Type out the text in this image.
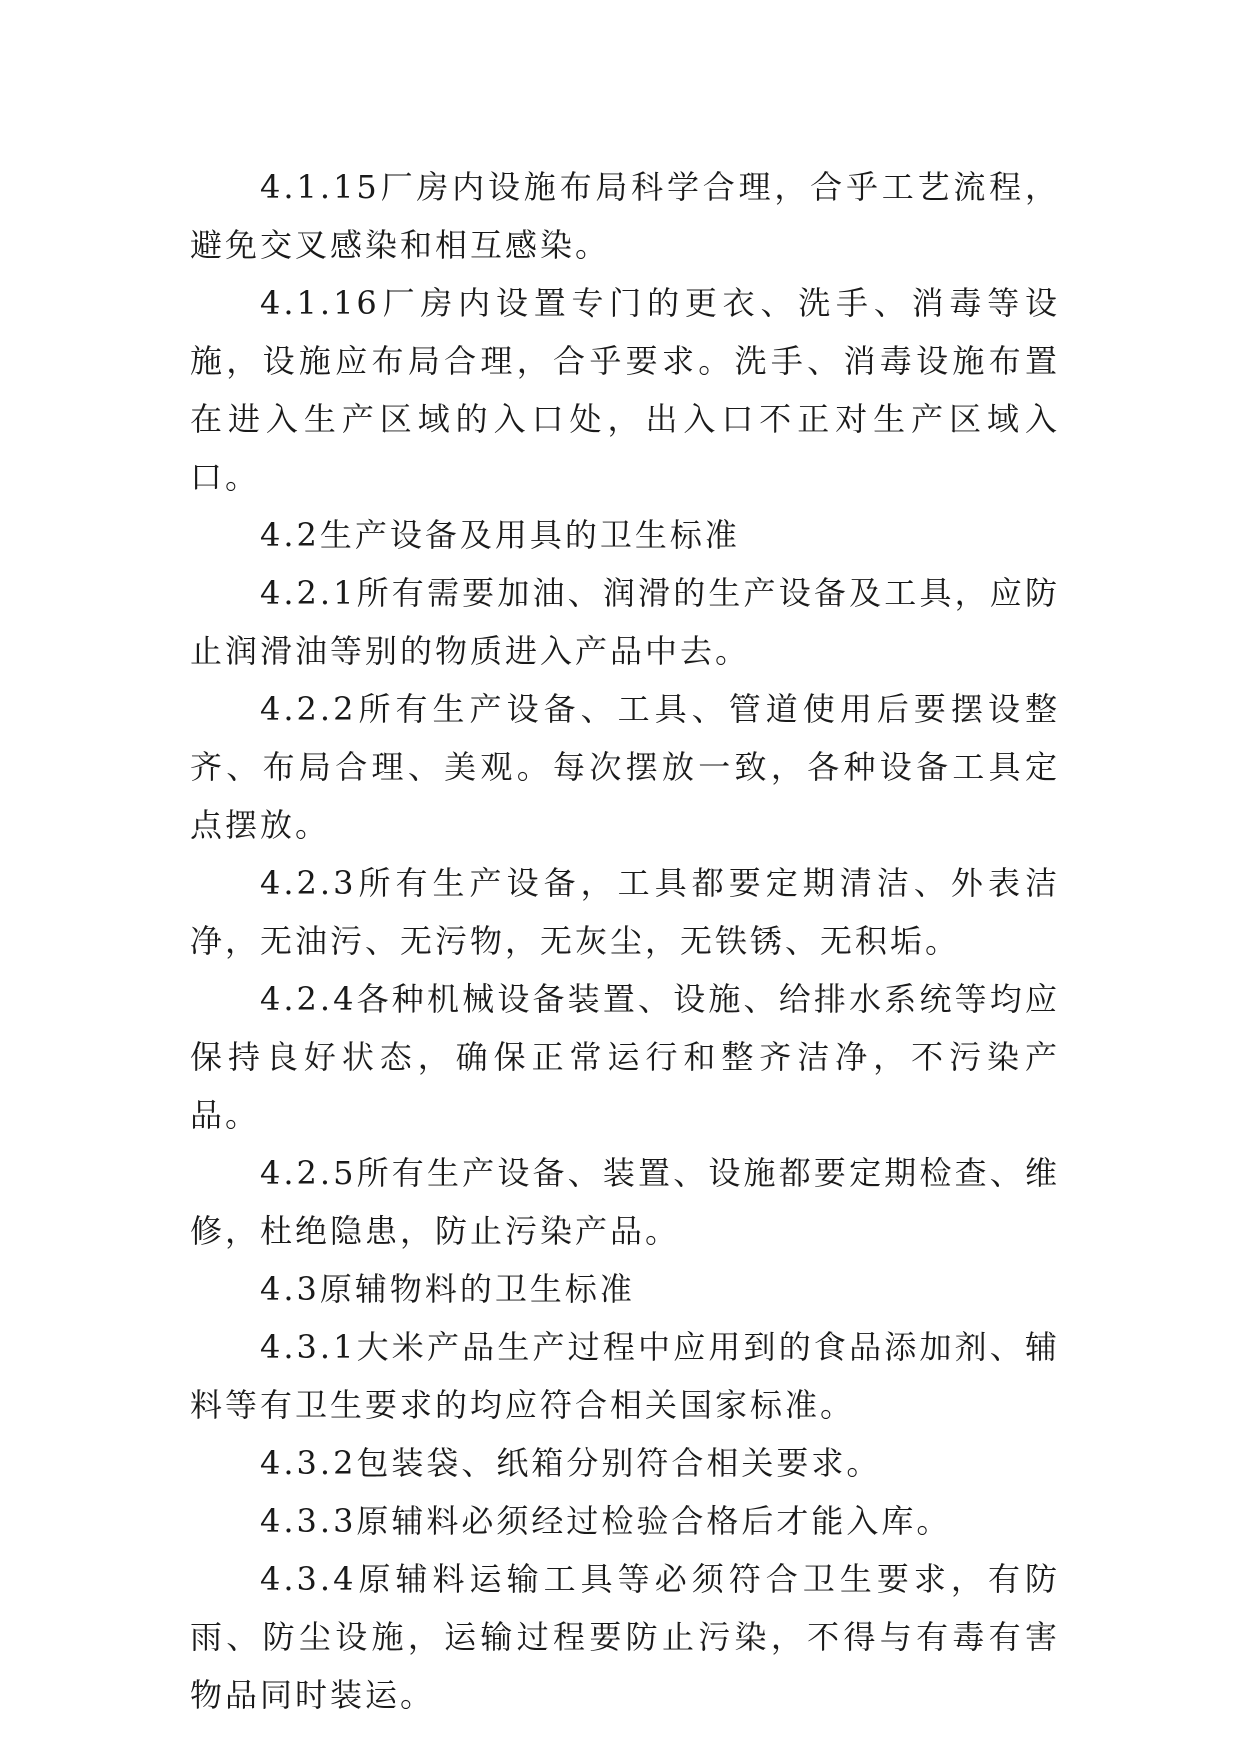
4.1.15厂房内设施布局科学合理，合乎工艺流程，避免交叉感染和相互感染。

4.1.16厂房内设置专门的更衣、洗手、消毒等设施，设施应布局合理，合乎要求。洗手、消毒设施布置在进入生产区域的入口处，出入口不正对生产区域入口。

4.2生产设备及用具的卫生标准

4.2.1所有需要加油、润滑的生产设备及工具，应防止润滑油等别的物质进入产品中去。

4.2.2所有生产设备、工具、管道使用后要摆设整齐、布局合理、美观。每次摆放一致，各种设备工具定点摆放。

4.2.3所有生产设备，工具都要定期清洁、外表洁净，无油污、无污物，无灰尘，无铁锈、无积垢。

4.2.4各种机械设备装置、设施、给排水系统等均应保持良好状态，确保正常运行和整齐洁净，不污染产品。

4.2.5所有生产设备、装置、设施都要定期检查、维修，杜绝隐患，防止污染产品。

4.3原辅物料的卫生标准

4.3.1大米产品生产过程中应用到的食品添加剂、辅料等有卫生要求的均应符合相关国家标准。

4.3.2包装袋、纸箱分别符合相关要求。

4.3.3原辅料必须经过检验合格后才能入库。

4.3.4原辅料运输工具等必须符合卫生要求，有防雨、防尘设施，运输过程要防止污染，不得与有毒有害物品同时装运。
